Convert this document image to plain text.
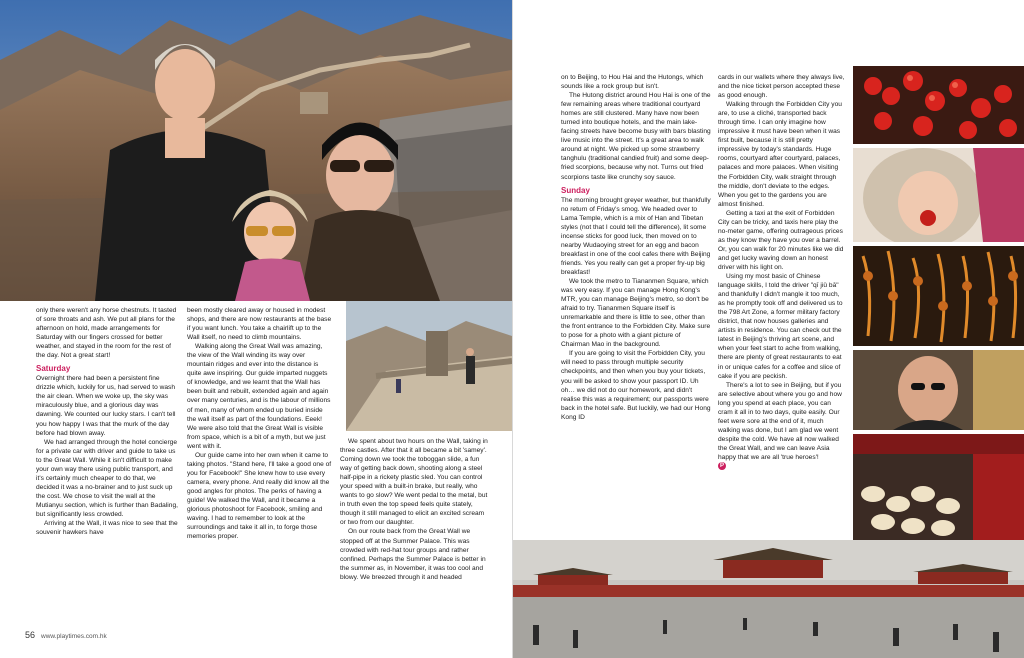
only there weren't any horse chestnuts. It tasted of sore throats and ash. We put all plans for the afternoon on hold, made arrangements for Saturday with our fingers crossed for better weather, and stayed in the room for the rest of the day. Not a great start!

Saturday

Overnight there had been a persistent fine drizzle which, luckily for us, had served to wash the air clean. When we woke up, the sky was miraculously blue, and a glorious day was dawning. We counted our lucky stars. I can't tell you how happy I was that the murk of the day before had blown away.

We had arranged through the hotel concierge for a private car with driver and guide to take us to the Great Wall. While it isn't difficult to make your own way there using public transport, and it's certainly much cheaper to do that, we decided it was a no-brainer and to just suck up the cost. We chose to visit the wall at the Mutianyu section, which is further than Badaling, but significantly less crowded.

Arriving at the Wall, it was nice to see that the souvenir hawkers have

been mostly cleared away or housed in modest shops, and there are now restaurants at the base if you want lunch. You take a chairlift up to the Wall itself, no need to climb mountains.

Walking along the Great Wall was amazing, the view of the Wall winding its way over mountain ridges and ever into the distance is quite awe inspiring. Our guide imparted nuggets of knowledge, and we learnt that the Wall has been built and rebuilt, extended again and again over many centuries, and is the labour of millions of men, many of whom ended up buried inside the wall itself as part of the foundations. Eeek! We were also told that the Great Wall is visible from space, which is a bit of a myth, but we just went with it.

Our guide came into her own when it came to taking photos. "Stand here, I'll take a good one of you for Facebook!" She knew how to use every camera, every phone. And really did know all the good angles for photos. The perks of having a guide! We walked the Wall, and it became a glorious photoshoot for Facebook, smiling and waving. I had to remember to look at the surroundings and take it all in, to forge those memories proper.

We spent about two hours on the Wall, taking in three castles. After that it all became a bit 'samey'. Coming down we took the toboggan slide, a fun way of getting back down, shooting along a steel half-pipe in a rickety plastic sled. You can control your speed with a built-in brake, but really, who wants to go slow? We went pedal to the metal, but in truth even the top speed feels quite stately, though it still managed to elicit an excited scream or two from our daughter.

On our route back from the Great Wall we stopped off at the Summer Palace. This was crowded with red-hat tour groups and rather confined. Perhaps the Summer Palace is better in the summer as, in November, it was too cool and blowy. We breezed through it and headed

56 www.playtimes.com.hk

on to Beijing, to Hou Hai and the Hutongs, which sounds like a rock group but isn't.

The Hutong district around Hou Hai is one of the few remaining areas where traditional courtyard homes are still clustered. Many have now been turned into boutique hotels, and the main lake-facing streets have become busy with bars blasting live music into the street. It's a great area to walk around at night. We picked up some strawberry tanghulu (traditional candied fruit) and some deep-fried scorpions, because why not. Turns out fried scorpions taste like crunchy soy sauce.

Sunday

The morning brought greyer weather, but thankfully no return of Friday's smog. We headed over to Lama Temple, which is a mix of Han and Tibetan styles (not that I could tell the difference), lit some incense sticks for good luck, then moved on to nearby Wudaoying street for an egg and bacon breakfast in one of the cool cafes there with Beijing friends. Yes you really can get a proper fry-up big breakfast!

We took the metro to Tiananmen Square, which was very easy. If you can manage Hong Kong's MTR, you can manage Beijing's metro, so don't be afraid to try. Tiananmen Square itself is unremarkable and there is little to see, other than the front entrance to the Forbidden City. Make sure to pose for a photo with a giant picture of Chairman Mao in the background.

If you are going to visit the Forbidden City, you will need to pass through multiple security checkpoints, and then when you buy your tickets, you will be asked to show your passport ID. Uh oh… we did not do our homework, and didn't realise this was a requirement; our passports were back in the hotel safe. But luckily, we had our Hong Kong ID

cards in our wallets where they always live, and the nice ticket person accepted these as good enough.

Walking through the Forbidden City you are, to use a cliché, transported back through time. I can only imagine how impressive it must have been when it was first built, because it is still pretty impressive by today's standards. Huge rooms, courtyard after courtyard, palaces, palaces and more palaces. When visiting the Forbidden City, walk straight through the middle, don't deviate to the edges. When you get to the gardens you are almost finished.

Getting a taxi at the exit of Forbidden City can be tricky, and taxis here play the no-meter game, offering outrageous prices as they know they have you over a barrel. Or, you can walk for 20 minutes like we did and get lucky waving down an honest driver with his light on.

Using my most basic of Chinese language skills, I told the driver "qī jiǔ bā" and thankfully I didn't mangle it too much, as he promptly took off and delivered us to the 798 Art Zone, a former military factory district, that now houses galleries and artists in residence. You can check out the latest in Beijing's thriving art scene, and when your feet start to ache from walking, there are plenty of great restaurants to eat in or unique cafes for a coffee and slice of cake if you are peckish.

There's a lot to see in Beijing, but if you are selective about where you go and how long you spend at each place, you can cram it all in to two days, quite easily. Our feet were sore at the end of it, much walking was done, but I am glad we went despite the cold. We have all now walked the Great Wall, and we can leave Asia happy that we are all 'true heroes'!

P
